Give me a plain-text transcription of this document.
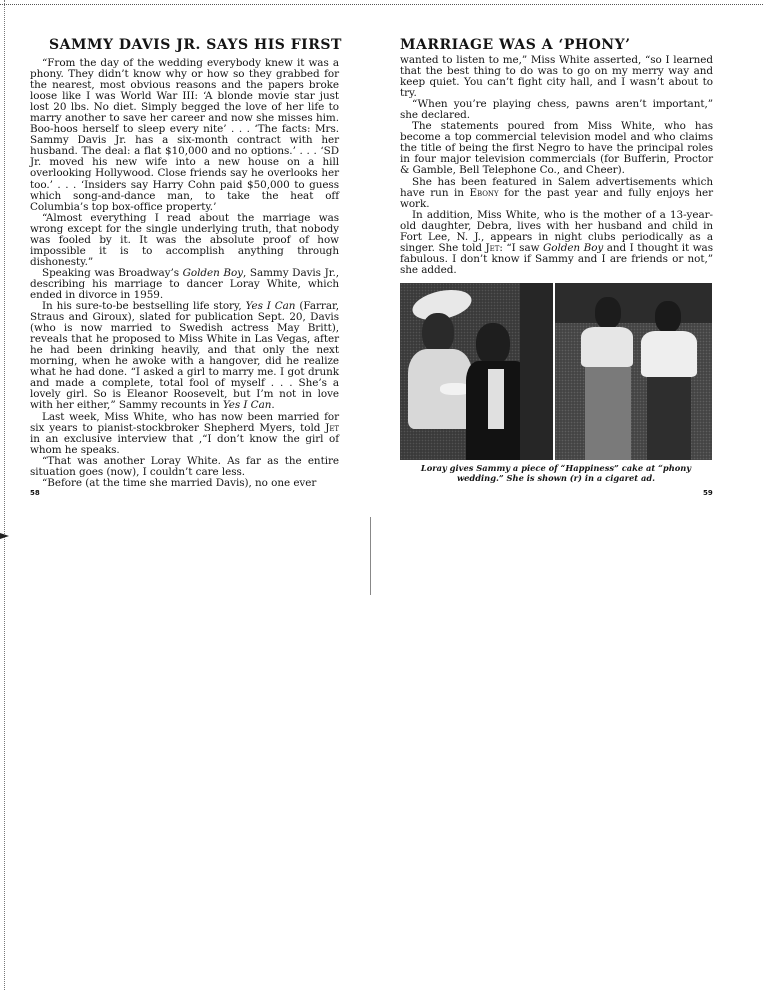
SAMMY DAVIS JR. SAYS HIS FIRST

“From the day of the wedding everybody knew it was a phony. They didn’t know why or how so they grabbed for the nearest, most obvious reasons and the papers broke loose like I was World War III: ‘A blonde movie star just lost 20 lbs. No diet. Simply begged the love of her life to marry another to save her career and now she misses him. Boo-hoos herself to sleep every nite’ . . . ‘The facts: Mrs. Sammy Davis Jr. has a six-month contract with her husband. The deal: a flat $10,000 and no options.’ . . . ‘SD Jr. moved his new wife into a new house on a hill overlooking Hollywood. Close friends say he overlooks her too.’ . . . ‘Insiders say Harry Cohn paid $50,000 to guess which song-and-dance man, to take the heat off Columbia’s top box-office property.’

“Almost everything I read about the marriage was wrong except for the single underlying truth, that nobody was fooled by it. It was the absolute proof of how impossible it is to accomplish anything through dishonesty.”

Speaking was Broadway’s Golden Boy, Sammy Davis Jr., describing his marriage to dancer Loray White, which ended in divorce in 1959.

In his sure-to-be bestselling life story, Yes I Can (Farrar, Straus and Giroux), slated for publication Sept. 20, Davis (who is now married to Swedish actress May Britt), reveals that he proposed to Miss White in Las Vegas, after he had been drinking heavily, and that only the next morning, when he awoke with a hangover, did he realize what he had done. “I asked a girl to marry me. I got drunk and made a complete, total fool of myself . . . She’s a lovely girl. So is Eleanor Roosevelt, but I’m not in love with her either,” Sammy recounts in Yes I Can.

Last week, Miss White, who has now been married for six years to pianist-stockbroker Shepherd Myers, told Jet in an exclusive interview that ,“I don’t know the girl of whom he speaks.

“That was another Loray White. As far as the entire situation goes (now), I couldn’t care less.

“Before (at the time she married Davis), no one ever

MARRIAGE WAS A ‘PHONY’

wanted to listen to me,” Miss White asserted, “so I learned that the best thing to do was to go on my merry way and keep quiet. You can’t fight city hall, and I wasn’t about to try.

“When you’re playing chess, pawns aren’t important,” she declared.

The statements poured from Miss White, who has become a top commercial television model and who claims the title of being the first Negro to have the principal roles in four major television commercials (for Bufferin, Proctor & Gamble, Bell Telephone Co., and Cheer).

She has been featured in Salem advertisements which have run in Ebony for the past year and fully enjoys her work.

In addition, Miss White, who is the mother of a 13-year-old daughter, Debra, lives with her husband and child in Fort Lee, N. J., appears in night clubs periodically as a singer. She told Jet: “I saw Golden Boy and I thought it was fabulous. I don’t know if Sammy and I are friends or not,” she added.

Loray gives Sammy a piece of “Happiness” cake at “phony wedding.” She is shown (r) in a cigaret ad.
58	59
